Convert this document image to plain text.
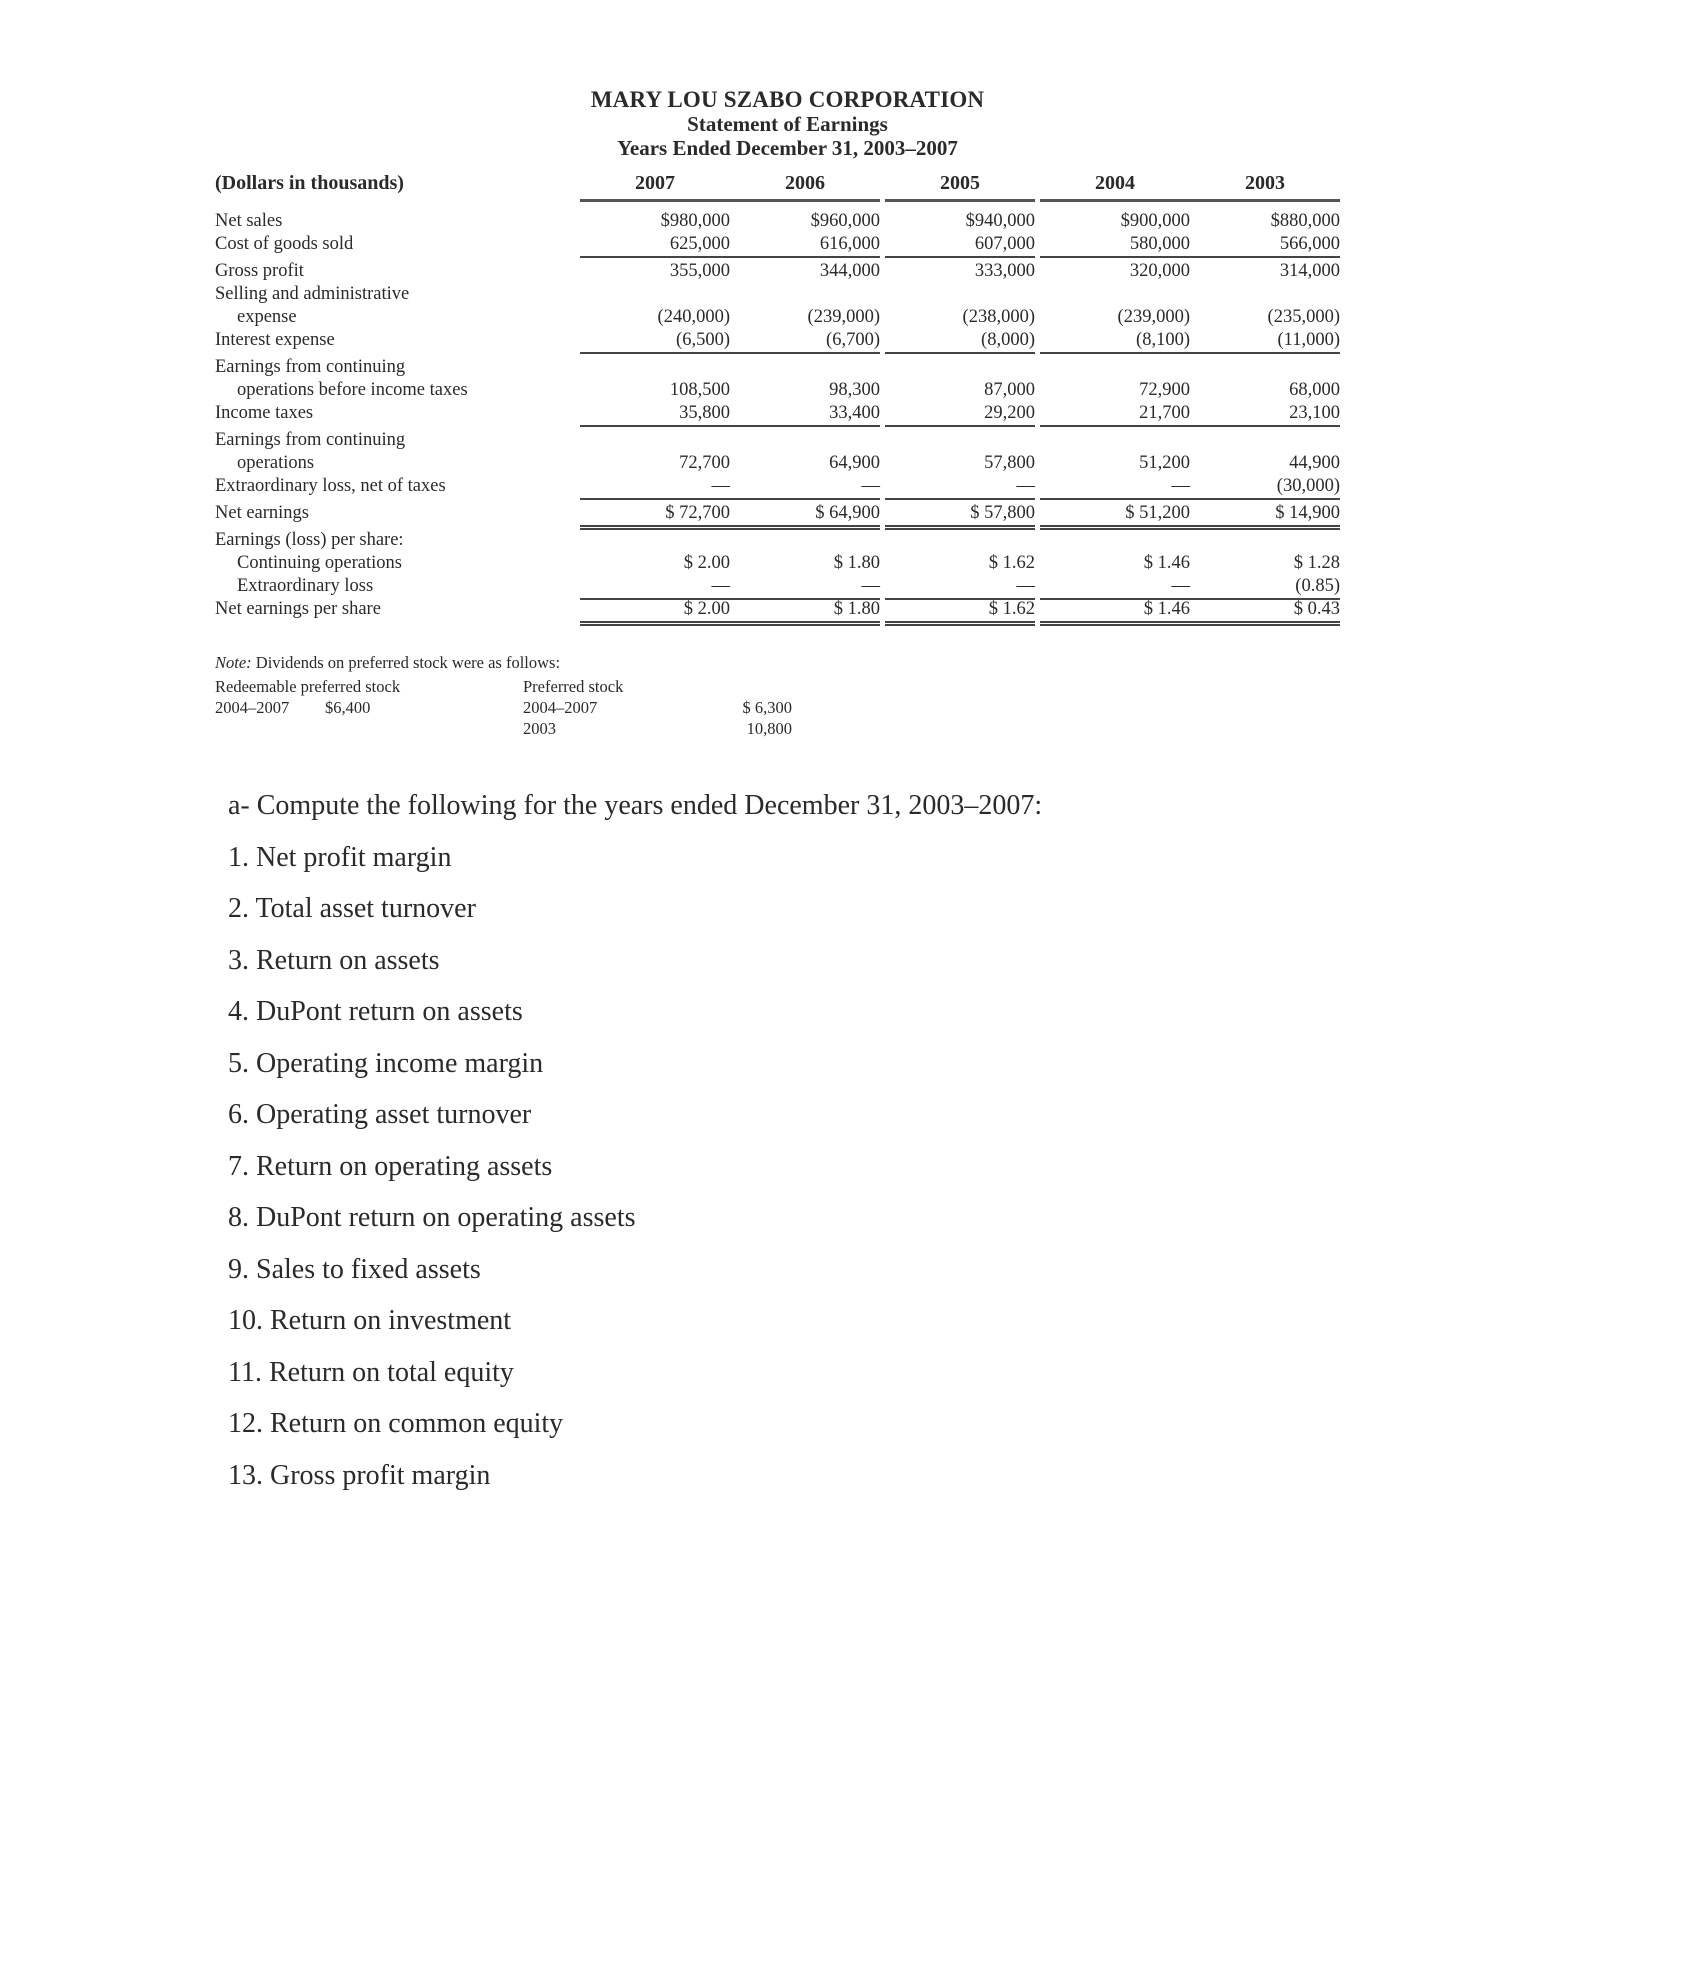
MARY LOU SZABO CORPORATION
Statement of Earnings
Years Ended December 31, 2003–2007
(Dollars in thousands)	2007	2006	2005	2004	2003
Net sales	$980,000	$960,000	$940,000	$900,000	$880,000
Cost of goods sold	625,000	616,000	607,000	580,000	566,000
Gross profit	355,000	344,000	333,000	320,000	314,000
Selling and administrative
expense	(240,000)	(239,000)	(238,000)	(239,000)	(235,000)
Interest expense	(6,500)	(6,700)	(8,000)	(8,100)	(11,000)
Earnings from continuing
operations before income taxes	108,500	98,300	87,000	72,900	68,000
Income taxes	35,800	33,400	29,200	21,700	23,100
Earnings from continuing
operations	72,700	64,900	57,800	51,200	44,900
Extraordinary loss, net of taxes	—	—	—	—	(30,000)
Net earnings	$ 72,700	$ 64,900	$ 57,800	$ 51,200	$ 14,900
Earnings (loss) per share:
Continuing operations	$ 2.00	$ 1.80	$ 1.62	$ 1.46	$ 1.28
Extraordinary loss	—	—	—	—	(0.85)
Net earnings per share	$ 2.00	$ 1.80	$ 1.62	$ 1.46	$ 0.43
Note: Dividends on preferred stock were as follows:
Redeemable preferred stock
2004–2007 $6,400
Preferred stock
2004–2007	$ 6,300
2003	10,800
a- Compute the following for the years ended December 31, 2003–2007:
1. Net profit margin
2. Total asset turnover
3. Return on assets
4. DuPont return on assets
5. Operating income margin
6. Operating asset turnover
7. Return on operating assets
8. DuPont return on operating assets
9. Sales to fixed assets
10. Return on investment
11. Return on total equity
12. Return on common equity
13. Gross profit margin
